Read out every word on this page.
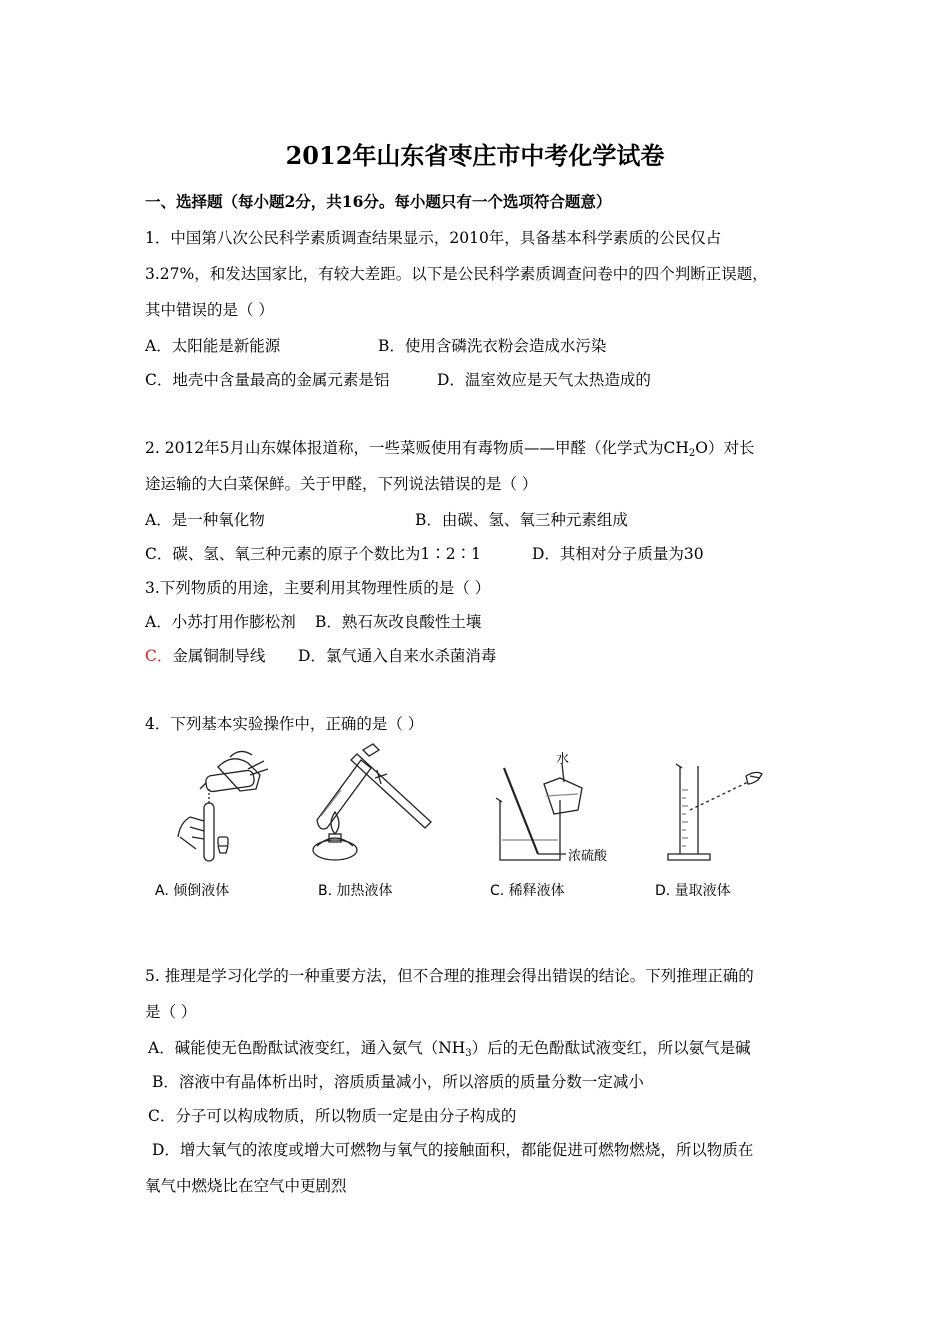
2012年山东省枣庄市中考化学试卷
一、选择题（每小题2分，共16分。每小题只有一个选项符合题意）
1．中国第八次公民科学素质调查结果显示，2010年，具备基本科学素质的公民仅占
3.27%，和发达国家比，有较大差距。以下是公民科学素质调查问卷中的四个判断正误题，
其中错误的是（ ）
A．太阳能是新能源	B．使用含磷洗衣粉会造成水污染
C．地壳中含量最高的金属元素是铝	D．温室效应是天气太热造成的
2. 2012年5月山东媒体报道称，一些菜贩使用有毒物质——甲醛（化学式为$CH_2O$）对长
途运输的大白菜保鲜。关于甲醛，下列说法错误的是（ ）
A．是一种氧化物	B．由碳、氢、氧三种元素组成
C．碳、氢、氧三种元素的原子个数比为1∶2∶1	D．其相对分子质量为30
3.下列物质的用途，主要利用其物理性质的是（ ）
A．小苏打用作膨松剂 B．熟石灰改良酸性土壤
C．金属铜制导线 D．氯气通入自来水杀菌消毒
4．下列基本实验操作中，正确的是（ ）
水
浓硫酸
A. 倾倒液体	B. 加热液体	C. 稀释液体	D. 量取液体
5. 推理是学习化学的一种重要方法，但不合理的推理会得出错误的结论。下列推理正确的
是（ ）
A．碱能使无色酚酞试液变红，通入氨气$(NH_3)$后的无色酚酞试液变红，所以氨气是碱
B．溶液中有晶体析出时，溶质质量减小，所以溶质的质量分数一定减小
C．分子可以构成物质，所以物质一定是由分子构成的
D．增大氧气的浓度或增大可燃物与氧气的接触面积，都能促进可燃物燃烧，所以物质在
氧气中燃烧比在空气中更剧烈
